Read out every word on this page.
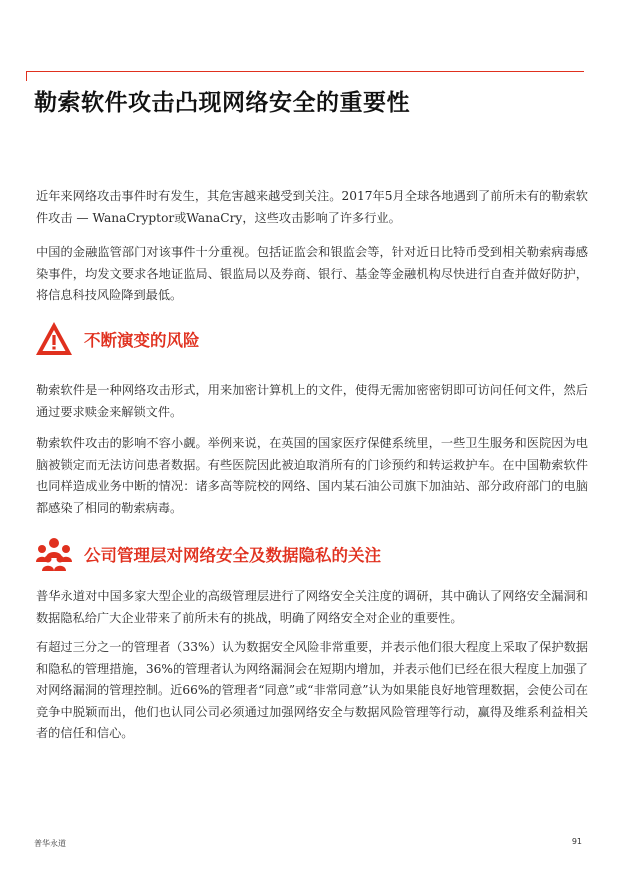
勒索软件攻击凸现网络安全的重要性

近年来网络攻击事件时有发生，其危害越来越受到关注。2017年5月全球各地遇到了前所未有的勒索软件攻击 — WanaCryptor或WanaCry，这些攻击影响了许多行业。

中国的金融监管部门对该事件十分重视。包括证监会和银监会等，针对近日比特币受到相关勒索病毒感染事件，均发文要求各地证监局、银监局以及券商、银行、基金等金融机构尽快进行自查并做好防护，将信息科技风险降到最低。

不断演变的风险

勒索软件是一种网络攻击形式，用来加密计算机上的文件，使得无需加密密钥即可访问任何文件，然后通过要求赎金来解锁文件。

勒索软件攻击的影响不容小觑。举例来说，在英国的国家医疗保健系统里，一些卫生服务和医院因为电脑被锁定而无法访问患者数据。有些医院因此被迫取消所有的门诊预约和转运救护车。在中国勒索软件也同样造成业务中断的情况：诸多高等院校的网络、国内某石油公司旗下加油站、部分政府部门的电脑都感染了相同的勒索病毒。

公司管理层对网络安全及数据隐私的关注

普华永道对中国多家大型企业的高级管理层进行了网络安全关注度的调研，其中确认了网络安全漏洞和数据隐私给广大企业带来了前所未有的挑战，明确了网络安全对企业的重要性。

有超过三分之一的管理者（33%）认为数据安全风险非常重要，并表示他们很大程度上采取了保护数据和隐私的管理措施，36%的管理者认为网络漏洞会在短期内增加，并表示他们已经在很大程度上加强了对网络漏洞的管理控制。近66%的管理者“同意”或“非常同意”认为如果能良好地管理数据，会使公司在竞争中脱颖而出，他们也认同公司必须通过加强网络安全与数据风险管理等行动，赢得及维系利益相关者的信任和信心。

普华永道	91
